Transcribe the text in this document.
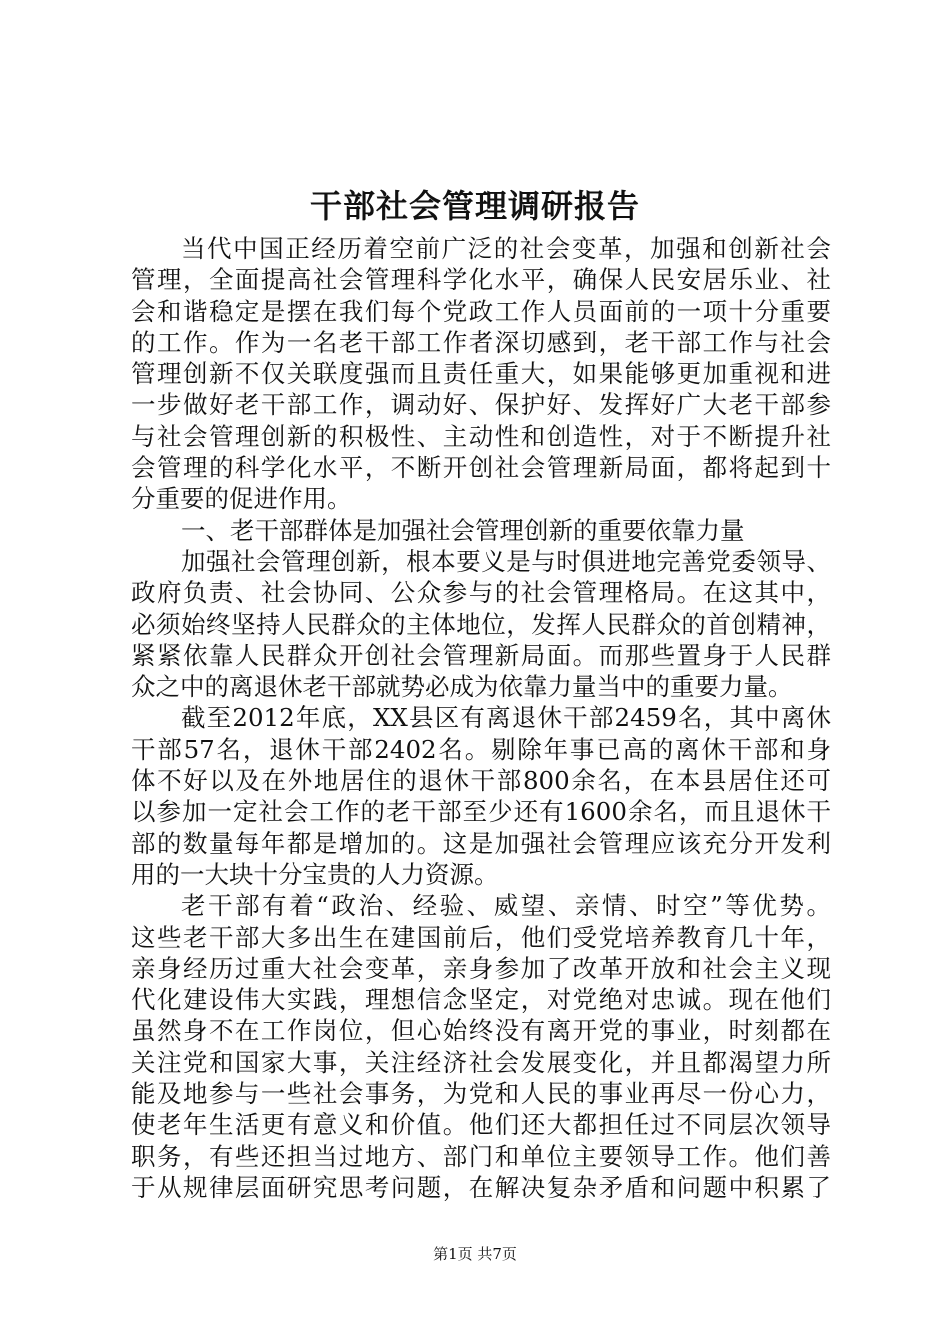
干部社会管理调研报告
当代中国正经历着空前广泛的社会变革，加强和创新社会
管理，全面提高社会管理科学化水平，确保人民安居乐业、社
会和谐稳定是摆在我们每个党政工作人员面前的一项十分重要
的工作。作为一名老干部工作者深切感到，老干部工作与社会
管理创新不仅关联度强而且责任重大，如果能够更加重视和进
一步做好老干部工作，调动好、保护好、发挥好广大老干部参
与社会管理创新的积极性、主动性和创造性，对于不断提升社
会管理的科学化水平，不断开创社会管理新局面，都将起到十
分重要的促进作用。
一、老干部群体是加强社会管理创新的重要依靠力量
加强社会管理创新，根本要义是与时俱进地完善党委领导、
政府负责、社会协同、公众参与的社会管理格局。在这其中，
必须始终坚持人民群众的主体地位，发挥人民群众的首创精神，
紧紧依靠人民群众开创社会管理新局面。而那些置身于人民群
众之中的离退休老干部就势必成为依靠力量当中的重要力量。
截至2012年底，XX县区有离退休干部2459名，其中离休
干部57名，退休干部2402名。剔除年事已高的离休干部和身
体不好以及在外地居住的退休干部800余名，在本县居住还可
以参加一定社会工作的老干部至少还有1600余名，而且退休干
部的数量每年都是增加的。这是加强社会管理应该充分开发利
用的一大块十分宝贵的人力资源。
老干部有着“政治、经验、威望、亲情、时空”等优势。
这些老干部大多出生在建国前后，他们受党培养教育几十年，
亲身经历过重大社会变革，亲身参加了改革开放和社会主义现
代化建设伟大实践，理想信念坚定，对党绝对忠诚。现在他们
虽然身不在工作岗位，但心始终没有离开党的事业，时刻都在
关注党和国家大事，关注经济社会发展变化，并且都渴望力所
能及地参与一些社会事务，为党和人民的事业再尽一份心力，
使老年生活更有意义和价值。他们还大都担任过不同层次领导
职务，有些还担当过地方、部门和单位主要领导工作。他们善
于从规律层面研究思考问题，在解决复杂矛盾和问题中积累了
第1页 共7页
